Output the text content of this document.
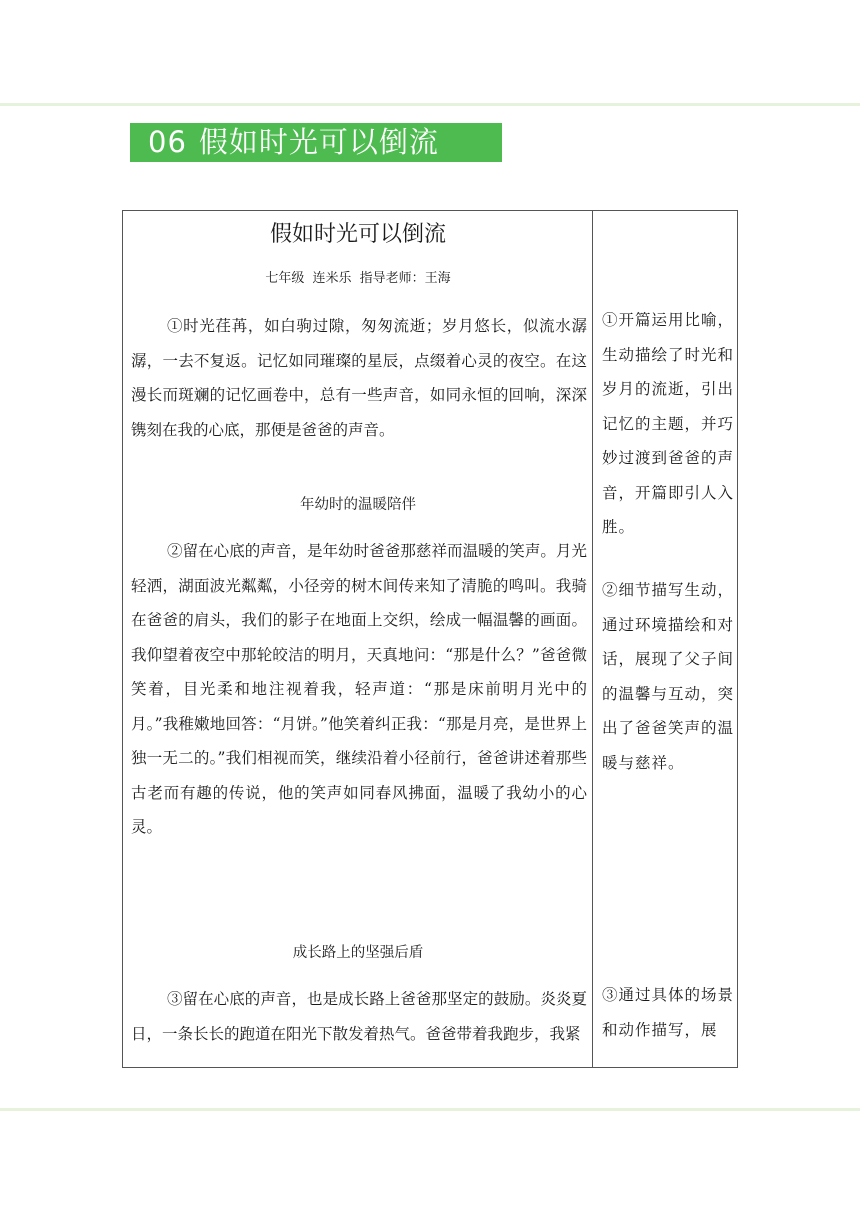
06 假如时光可以倒流
假如时光可以倒流
七年级 连米乐 指导老师：王海
①时光荏苒，如白驹过隙，匆匆流逝；岁月悠长，似流水潺潺，一去不复返。记忆如同璀璨的星辰，点缀着心灵的夜空。在这漫长而斑斓的记忆画卷中，总有一些声音，如同永恒的回响，深深镌刻在我的心底，那便是爸爸的声音。
年幼时的温暖陪伴
②留在心底的声音，是年幼时爸爸那慈祥而温暖的笑声。月光轻洒，湖面波光粼粼，小径旁的树木间传来知了清脆的鸣叫。我骑在爸爸的肩头，我们的影子在地面上交织，绘成一幅温馨的画面。我仰望着夜空中那轮皎洁的明月，天真地问：“那是什么？”爸爸微笑着，目光柔和地注视着我，轻声道：“那是床前明月光中的月。”我稚嫩地回答：“月饼。”他笑着纠正我：“那是月亮，是世界上独一无二的。”我们相视而笑，继续沿着小径前行，爸爸讲述着那些古老而有趣的传说，他的笑声如同春风拂面，温暖了我幼小的心灵。
成长路上的坚强后盾
③留在心底的声音，也是成长路上爸爸那坚定的鼓励。炎炎夏日，一条长长的跑道在阳光下散发着热气。爸爸带着我跑步，我紧
①开篇运用比喻，生动描绘了时光和岁月的流逝，引出记忆的主题，并巧妙过渡到爸爸的声音，开篇即引人入胜。
②细节描写生动，通过环境描绘和对话，展现了父子间的温馨与互动，突出了爸爸笑声的温暖与慈祥。
③通过具体的场景和动作描写，展
